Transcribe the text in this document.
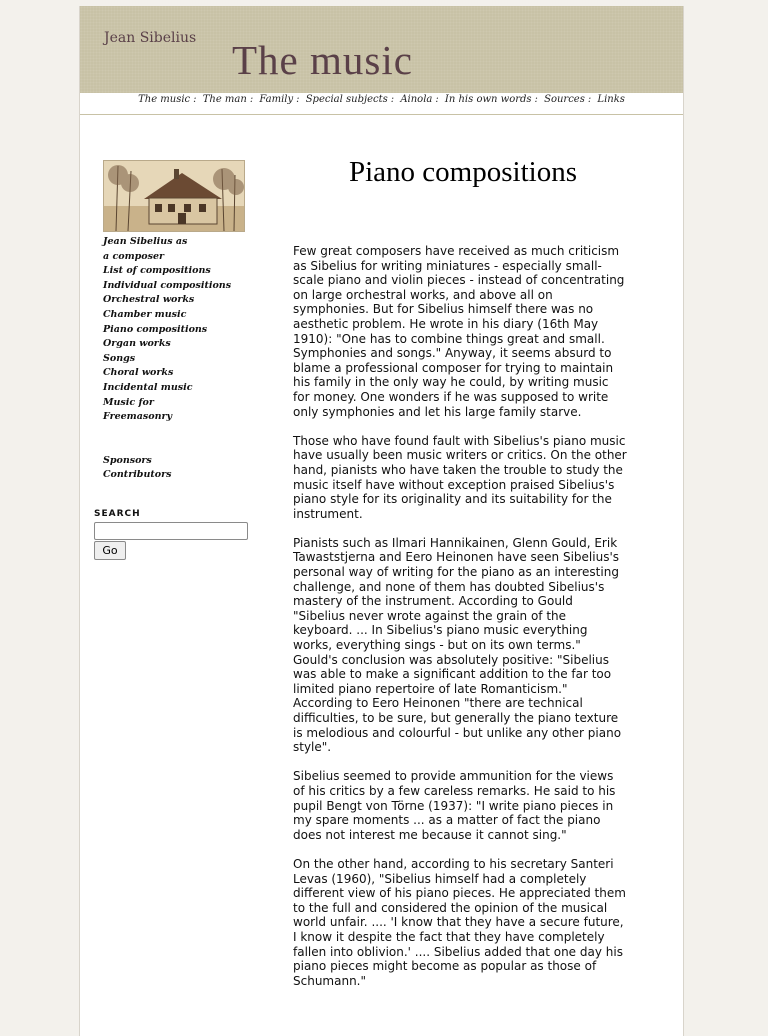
Jean Sibelius The music
The music : The man : Family : Special subjects : Ainola : In his own words : Sources : Links
Jean Sibelius as
a composer
List of compositions
Individual compositions
Orchestral works
Chamber music
Piano compositions
Organ works
Songs
Choral works
Incidental music
Music for
Freemasonry
Sponsors
Contributors
SEARCH
Go
Piano compositions

Few great composers have received as much criticism as Sibelius for writing miniatures - especially small-scale piano and violin pieces - instead of concentrating on large orchestral works, and above all on symphonies. But for Sibelius himself there was no aesthetic problem. He wrote in his diary (16th May 1910): "One has to combine things great and small. Symphonies and songs." Anyway, it seems absurd to blame a professional composer for trying to maintain his family in the only way he could, by writing music for money. One wonders if he was supposed to write only symphonies and let his large family starve.

Those who have found fault with Sibelius's piano music have usually been music writers or critics. On the other hand, pianists who have taken the trouble to study the music itself have without exception praised Sibelius's piano style for its originality and its suitability for the instrument.

Pianists such as Ilmari Hannikainen, Glenn Gould, Erik Tawaststjerna and Eero Heinonen have seen Sibelius's personal way of writing for the piano as an interesting challenge, and none of them has doubted Sibelius's mastery of the instrument. According to Gould "Sibelius never wrote against the grain of the keyboard. ... In Sibelius's piano music everything works, everything sings - but on its own terms." Gould's conclusion was absolutely positive: "Sibelius was able to make a significant addition to the far too limited piano repertoire of late Romanticism." According to Eero Heinonen "there are technical difficulties, to be sure, but generally the piano texture is melodious and colourful - but unlike any other piano style".

Sibelius seemed to provide ammunition for the views of his critics by a few careless remarks. He said to his pupil Bengt von Törne (1937): "I write piano pieces in my spare moments ... as a matter of fact the piano does not interest me because it cannot sing."

On the other hand, according to his secretary Santeri Levas (1960), "Sibelius himself had a completely different view of his piano pieces. He appreciated them to the full and considered the opinion of the musical world unfair. .... 'I know that they have a secure future, I know it despite the fact that they have completely fallen into oblivion.' .... Sibelius added that one day his piano pieces might become as popular as those of Schumann."
